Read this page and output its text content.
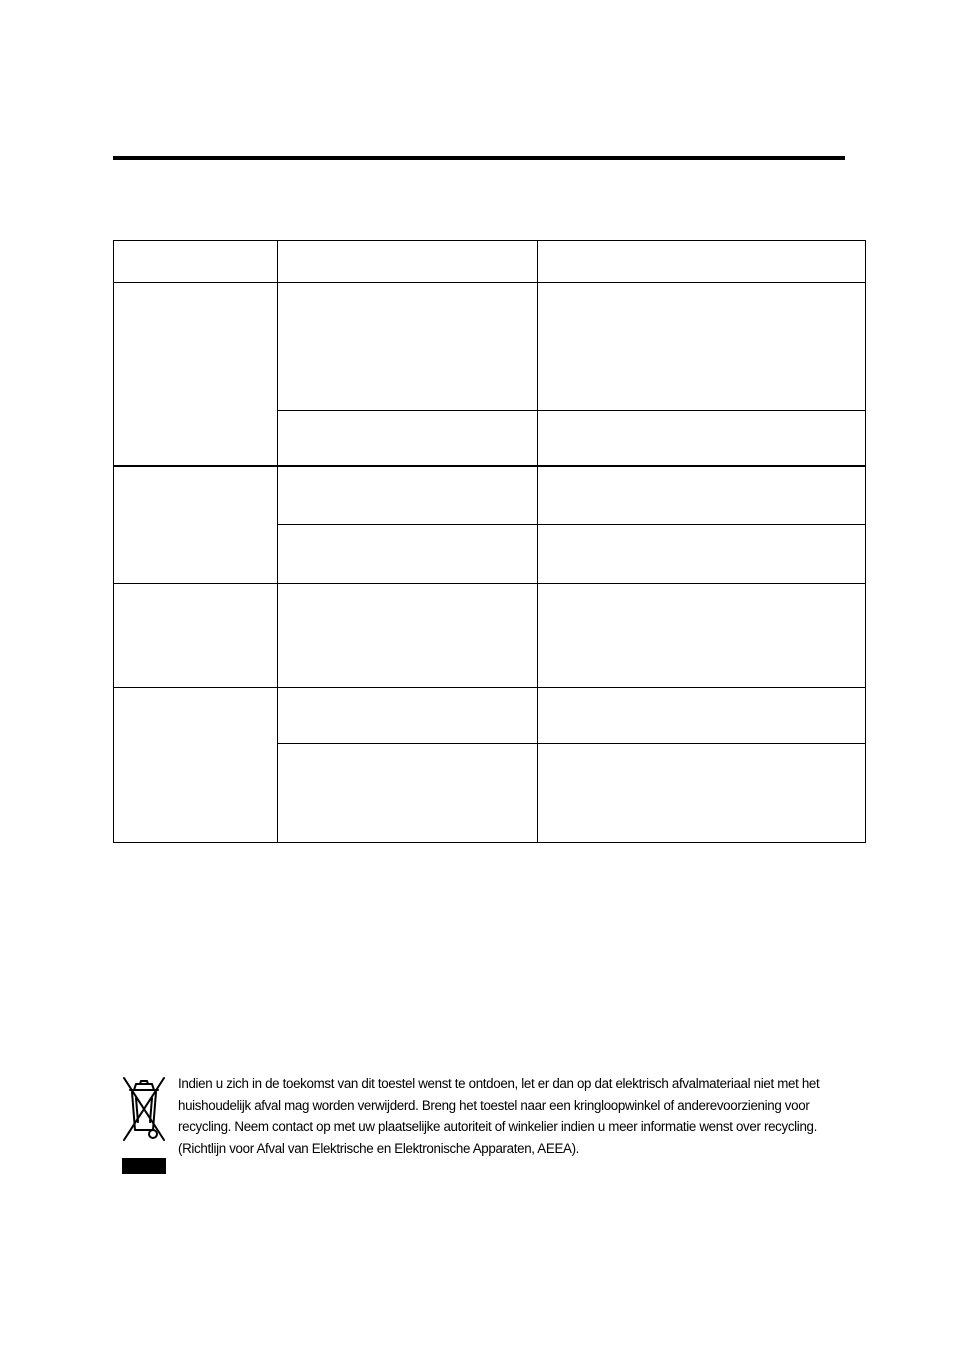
Indien u zich in de toekomst van dit toestel wenst te ontdoen, let er dan op dat elektrisch afvalmateriaal niet met het
huishoudelijk afval mag worden verwijderd. Breng het toestel naar een kringloopwinkel of anderevoorziening voor
recycling. Neem contact op met uw plaatselijke autoriteit of winkelier indien u meer informatie wenst over recycling.
(Richtlijn voor Afval van Elektrische en Elektronische Apparaten, AEEA).
